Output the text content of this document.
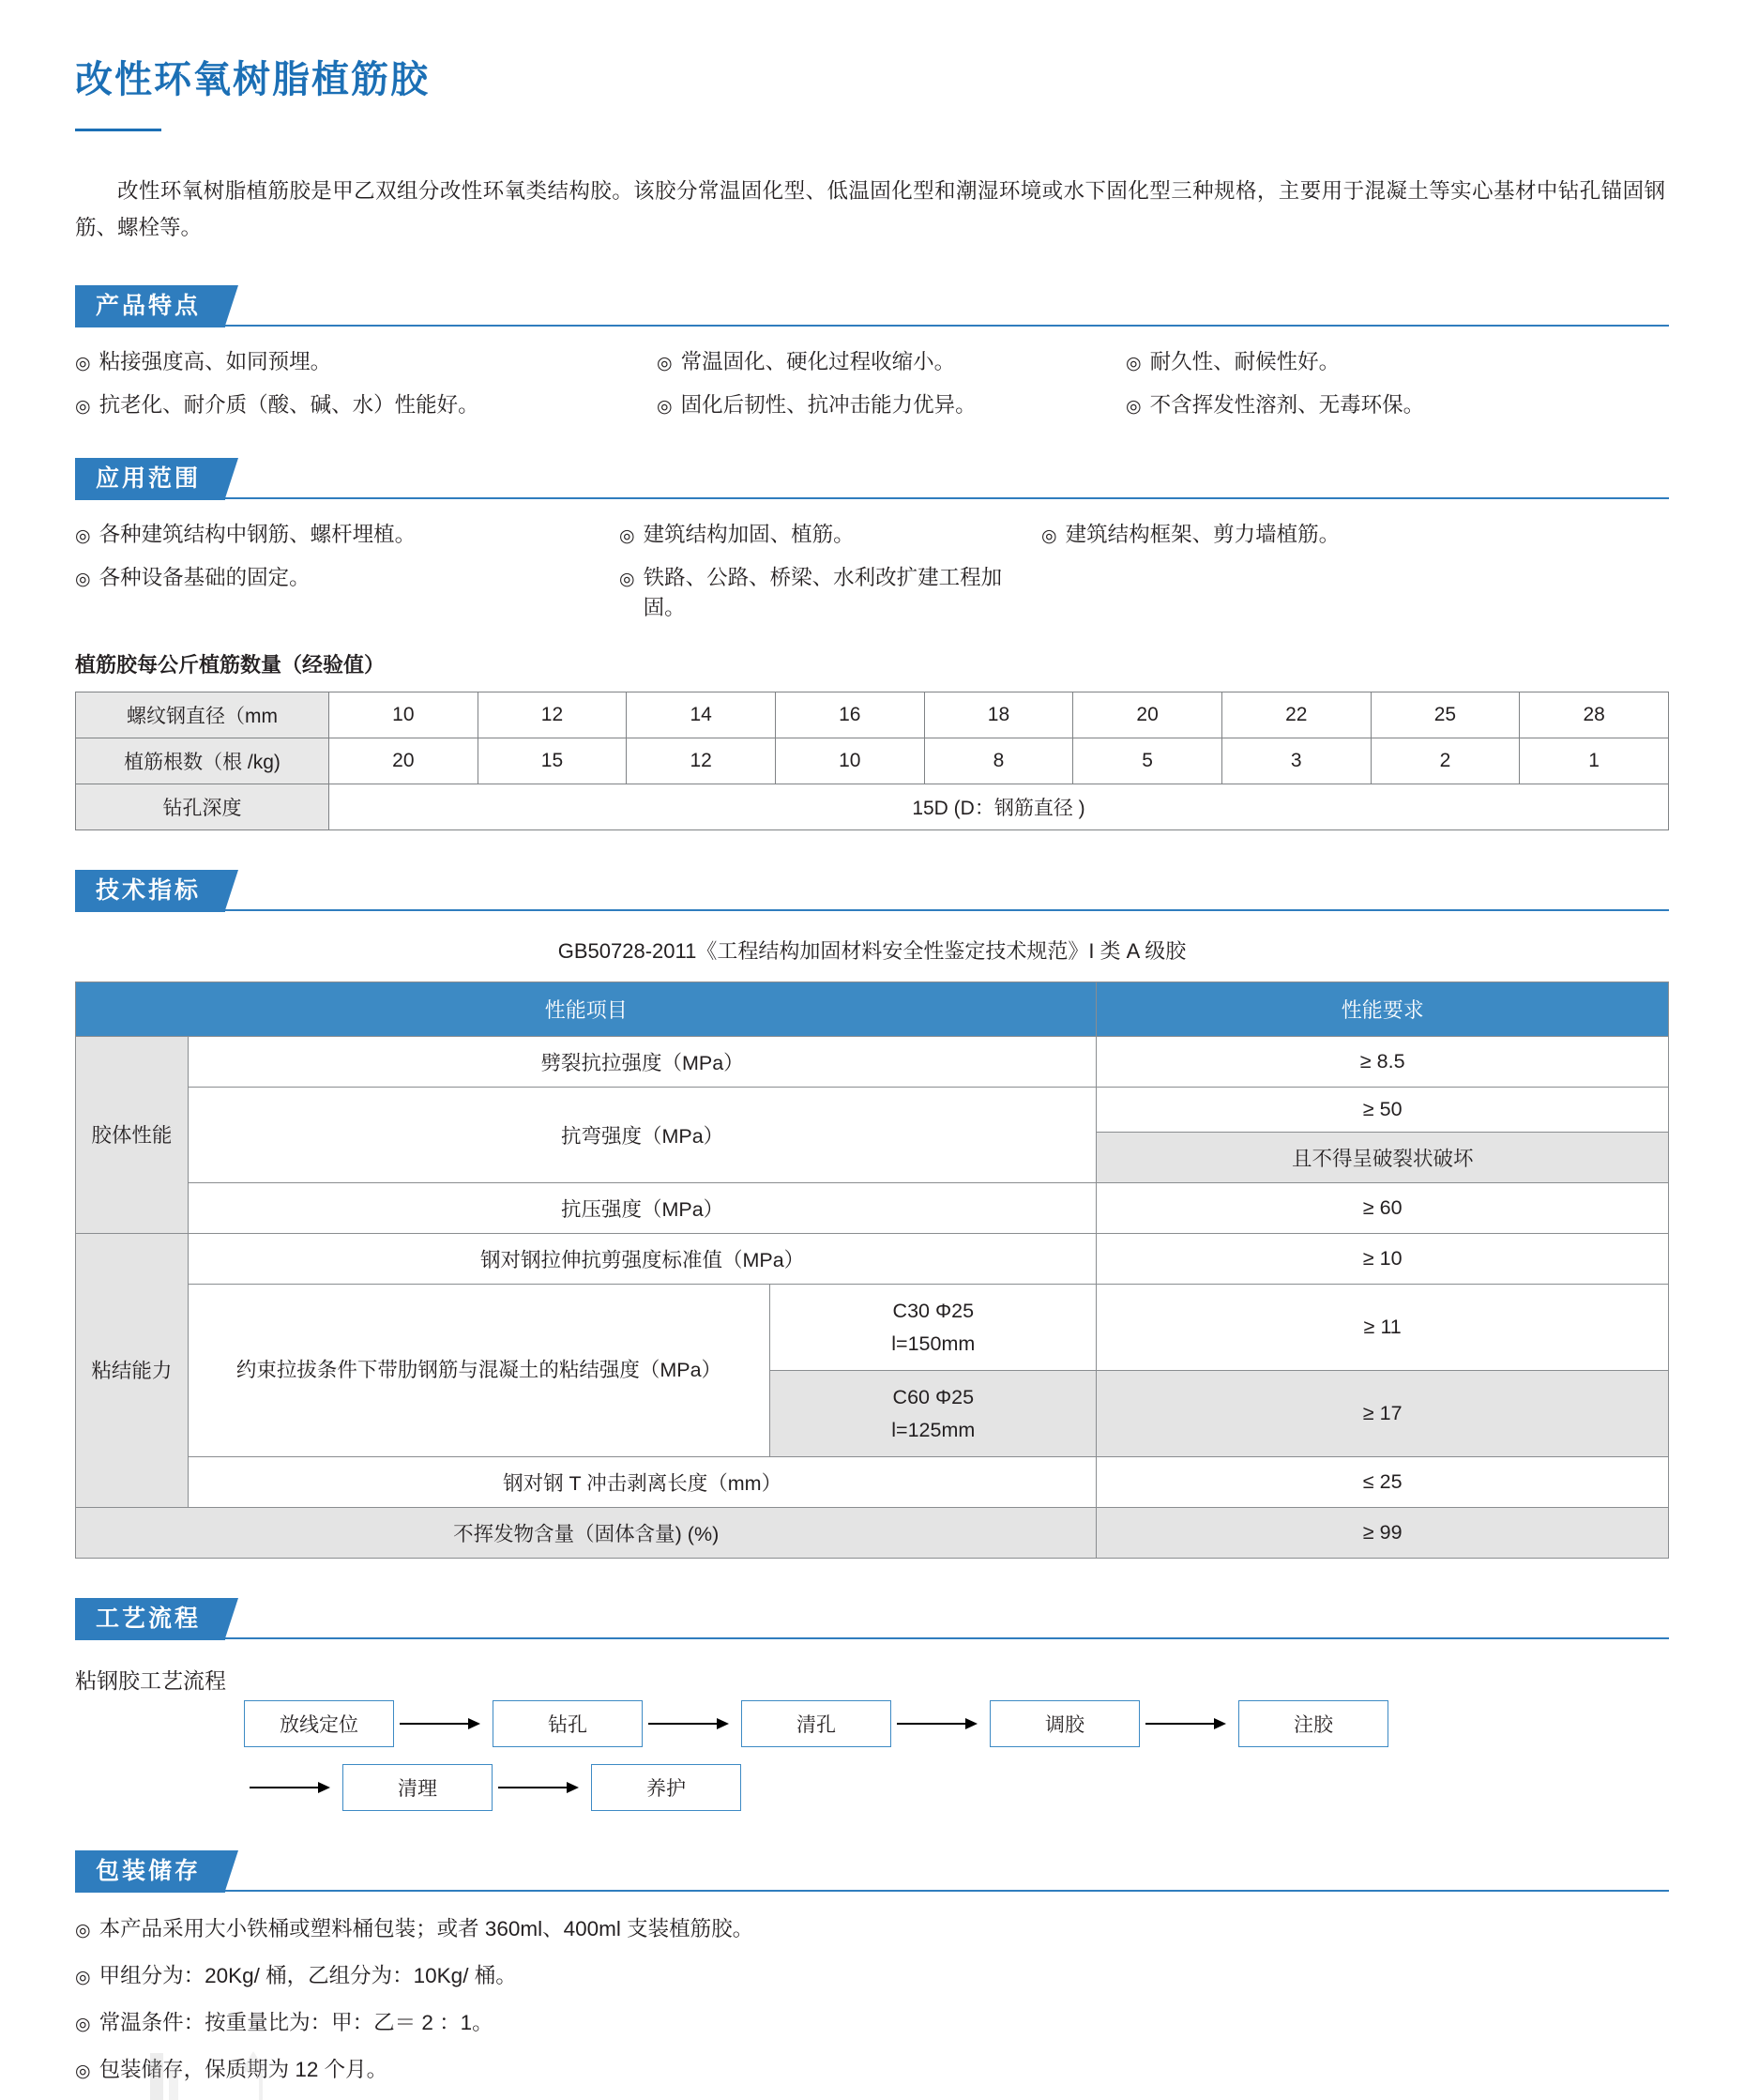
改性环氧树脂植筋胶

改性环氧树脂植筋胶是甲乙双组分改性环氧类结构胶。该胶分常温固化型、低温固化型和潮湿环境或水下固化型三种规格，主要用于混凝土等实心基材中钻孔锚固钢筋、螺栓等。

产品特点
◎ 粘接强度高、如同预埋。	◎ 常温固化、硬化过程收缩小。	◎ 耐久性、耐候性好。
◎ 抗老化、耐介质（酸、碱、水）性能好。	◎ 固化后韧性、抗冲击能力优异。	◎ 不含挥发性溶剂、无毒环保。
应用范围
◎ 各种建筑结构中钢筋、螺杆埋植。	◎ 建筑结构加固、植筋。	◎ 建筑结构框架、剪力墙植筋。
◎ 各种设备基础的固定。	◎ 铁路、公路、桥梁、水利改扩建工程加固。
植筋胶每公斤植筋数量（经验值）
螺纹钢直径（mm	10	12	14	16	18	20	22	25	28
植筋根数（根 /kg)	20	15	12	10	8	5	3	2	1
钻孔深度	15D (D：钢筋直径 )								
技术指标
GB50728-2011《工程结构加固材料安全性鉴定技术规范》I 类 A 级胶
性能项目			性能要求
胶体性能	劈裂抗拉强度（MPa）		≥ 8.5
	抗弯强度（MPa）		≥ 50
			且不得呈破裂状破坏
	抗压强度（MPa）		≥ 60
粘结能力	钢对钢拉伸抗剪强度标准值（MPa）		≥ 10
	约束拉拔条件下带肋钢筋与混凝土的粘结强度（MPa）	C30 Φ25
l=150mm	≥ 11
		C60 Φ25
l=125mm	≥ 17
	钢对钢 T 冲击剥离长度（mm）		≤ 25
不挥发物含量（固体含量) (%)			≥ 99
工艺流程
粘钢胶工艺流程
放线定位	钻孔	清孔	调胶	注胶
清理	养护
包装储存
◎ 本产品采用大小铁桶或塑料桶包装；或者 360ml、400ml 支装植筋胶。
◎ 甲组分为：20Kg/ 桶，乙组分为：10Kg/ 桶。
◎ 常温条件：按重量比为：甲：乙＝ 2 ：1。
◎ 包装储存，保质期为 12 个月。
